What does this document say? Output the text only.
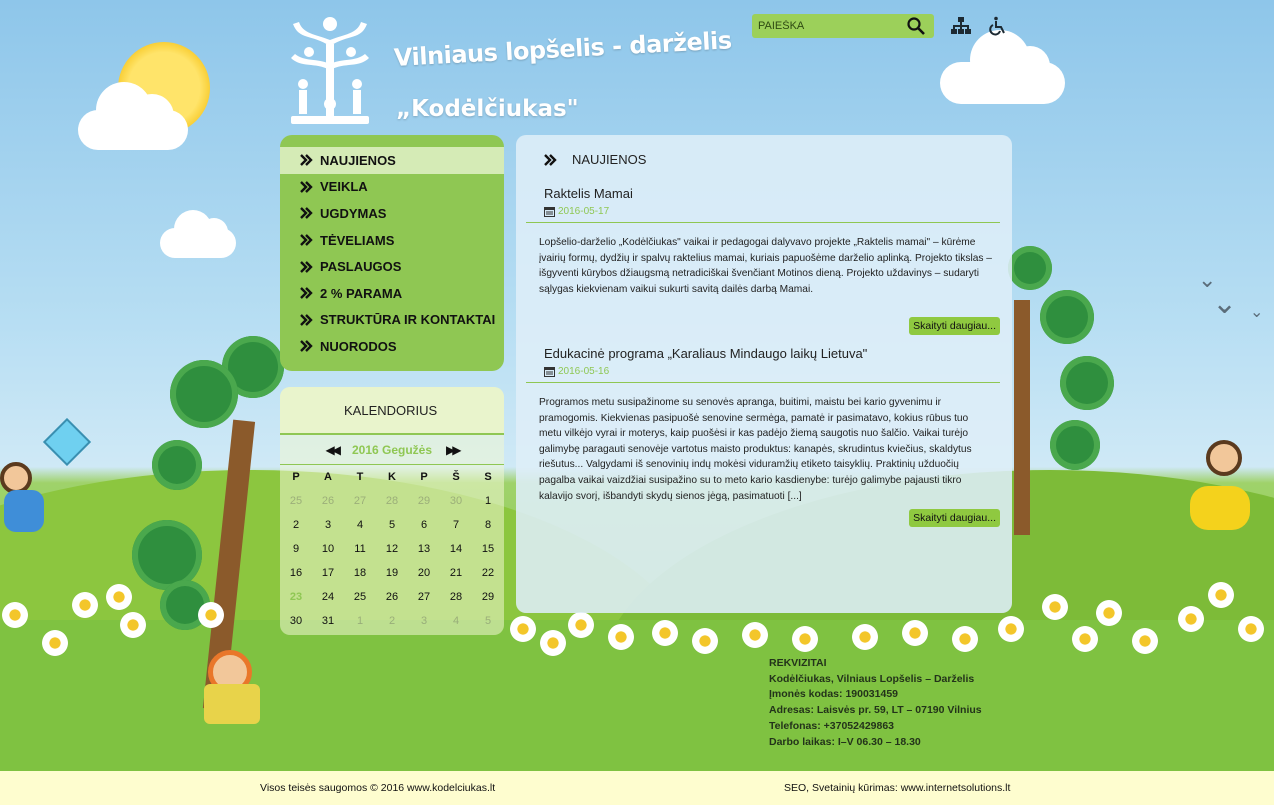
⌄
⌄ ⌄
Vilniaus lopšelis - darželis
„Kodėlčiukas"
PAIEŠKA
NAUJIENOS
VEIKLA
UGDYMAS
TĖVELIAMS
PASLAUGOS
2 % PARAMA
STRUKTŪRA IR KONTAKTAI
NUORODOS
KALENDORIUS
◀◀ 2016 Gegužės ▶▶
P	A	T	K	P	Š	S
25	26	27	28	29	30	1
2	3	4	5	6	7	8
9	10	11	12	13	14	15
16	17	18	19	20	21	22
23	24	25	26	27	28	29
30	31	1	2	3	4	5
NAUJIENOS
Raktelis Mamai
2016-05-17

Lopšelio-darželio „Kodėlčiukas" vaikai ir pedagogai dalyvavo projekte „Raktelis mamai" – kūrėme įvairių formų, dydžių ir spalvų raktelius mamai, kuriais papuošėme darželio aplinką. Projekto tikslas – išgyventi kūrybos džiaugsmą netradiciškai švenčiant Motinos dieną. Projekto uždavinys – sudaryti sąlygas kiekvienam vaikui sukurti savitą dailės darbą Mamai.

Skaityti daugiau...
Edukacinė programa „Karaliaus Mindaugo laikų Lietuva"
2016-05-16

Programos metu susipažinome su senovės apranga, buitimi, maistu bei kario gyvenimu ir pramogomis. Kiekvienas pasipuošė senovine sermėga, pamatė ir pasimatavo, kokius rūbus tuo metu vilkėjo vyrai ir moterys, kaip puošėsi ir kas padėjo žiemą saugotis nuo šalčio. Vaikai turėjo galimybę paragauti senovėje vartotus maisto produktus: kanapės, skrudintus kviečius, skaldytus riešutus... Valgydami iš senovinių indų mokėsi viduramžių etiketo taisyklių. Praktinių užduočių pagalba vaikai vaizdžiai susipažino su to meto kario kasdienybe: turėjo galimybe pajausti tikro kalavijo svorį, išbandyti skydų sienos jėgą, pasimatuoti [...]

Skaityti daugiau...
REKVIZITAI
Kodėlčiukas, Vilniaus Lopšelis – Darželis
Įmonės kodas: 190031459
Adresas: Laisvės pr. 59, LT – 07190 Vilnius
Telefonas: +37052429863
Darbo laikas: I–V 06.30 – 18.30
Visos teisės saugomos © 2016 www.kodelciukas.lt	SEO, Svetainių kūrimas: www.internetsolutions.lt
